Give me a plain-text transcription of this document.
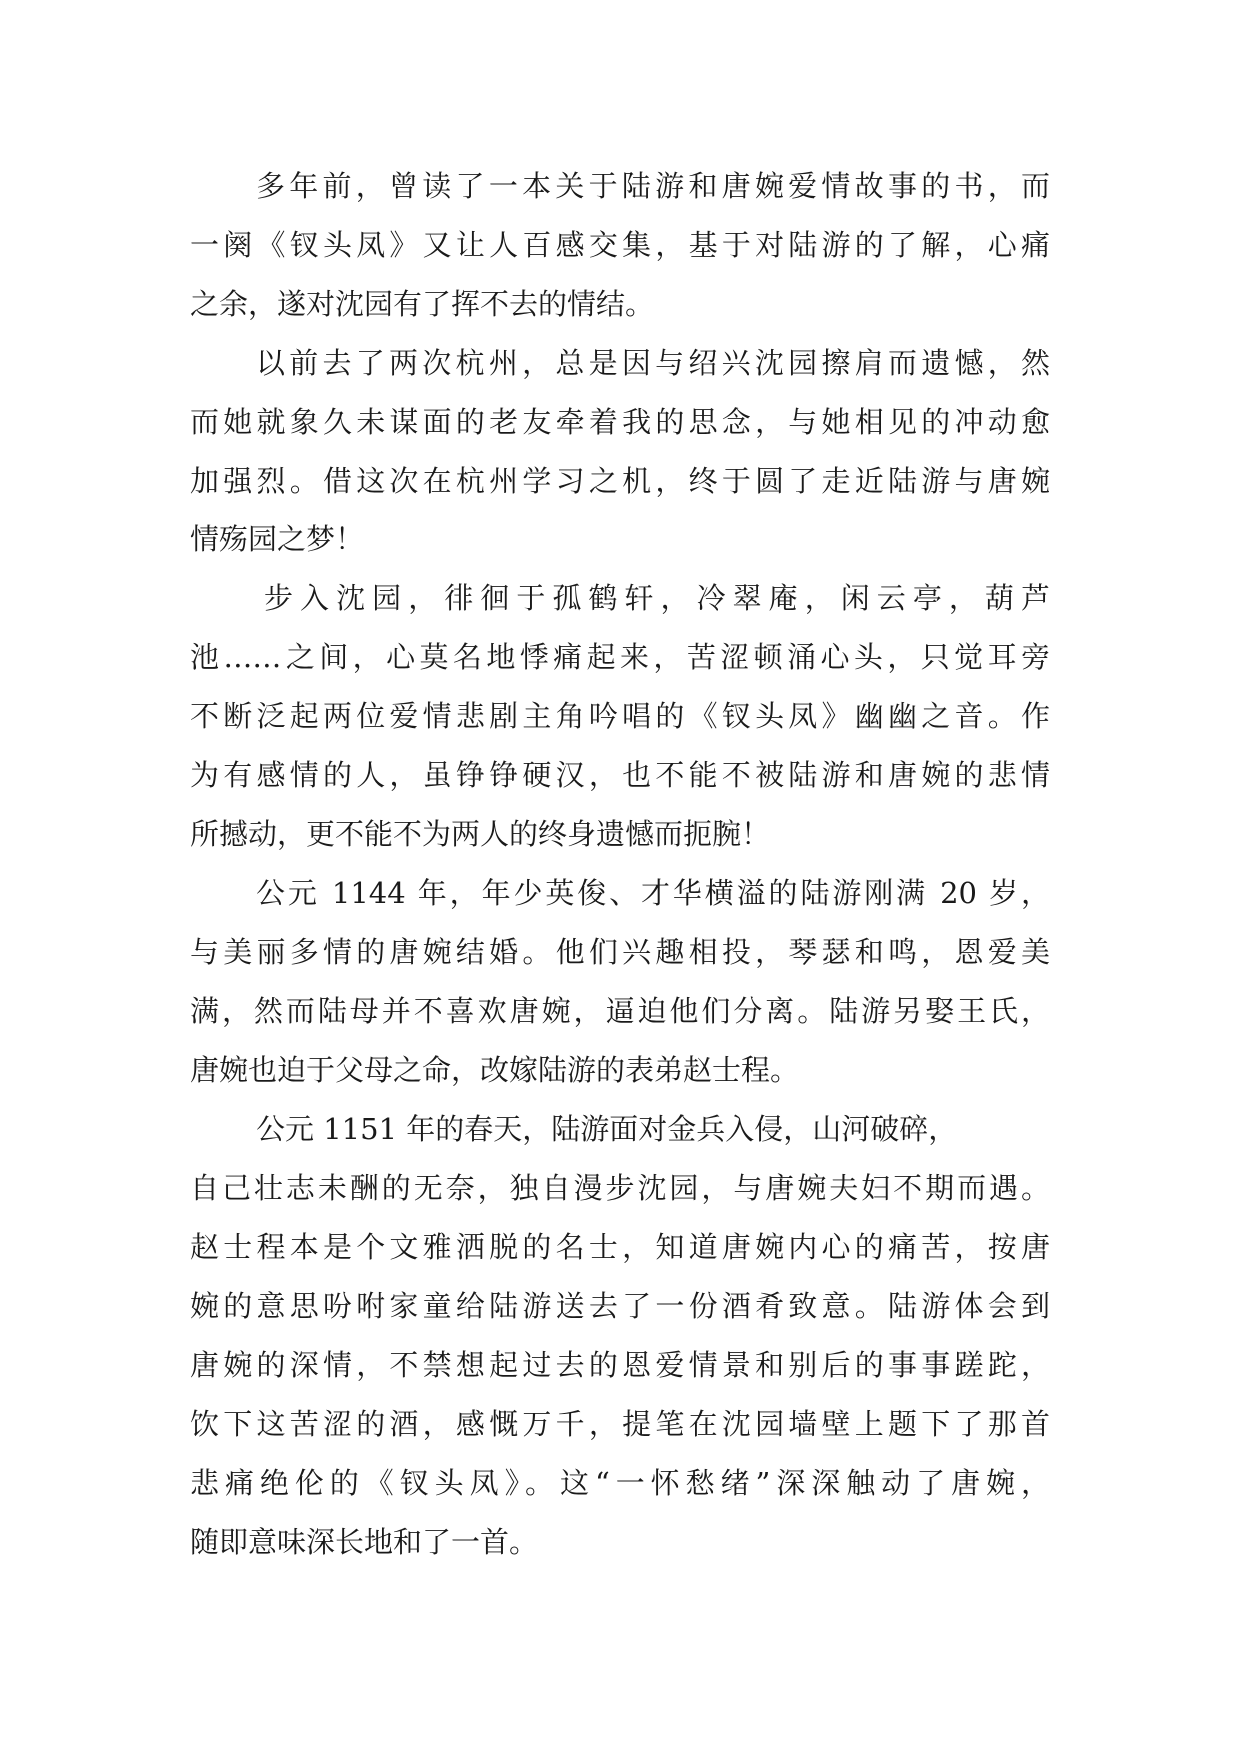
多年前，曾读了一本关于陆游和唐婉爱情故事的书，而

一阕《钗头凤》又让人百感交集，基于对陆游的了解，心痛

之余，遂对沈园有了挥不去的情结。

以前去了两次杭州，总是因与绍兴沈园擦肩而遗憾，然

而她就象久未谋面的老友牵着我的思念，与她相见的冲动愈

加强烈。借这次在杭州学习之机，终于圆了走近陆游与唐婉

情殇园之梦！

步入沈园，徘徊于孤鹤轩，冷翠庵，闲云亭，葫芦

池……之间，心莫名地悸痛起来，苦涩顿涌心头，只觉耳旁

不断泛起两位爱情悲剧主角吟唱的《钗头凤》幽幽之音。作

为有感情的人，虽铮铮硬汉，也不能不被陆游和唐婉的悲情

所撼动，更不能不为两人的终身遗憾而扼腕！

公元 1144 年，年少英俊、才华横溢的陆游刚满 20 岁，

与美丽多情的唐婉结婚。他们兴趣相投，琴瑟和鸣，恩爱美

满，然而陆母并不喜欢唐婉，逼迫他们分离。陆游另娶王氏，

唐婉也迫于父母之命，改嫁陆游的表弟赵士程。

公元 1151 年的春天，陆游面对金兵入侵，山河破碎，

自己壮志未酬的无奈，独自漫步沈园，与唐婉夫妇不期而遇。

赵士程本是个文雅洒脱的名士，知道唐婉内心的痛苦，按唐

婉的意思吩咐家童给陆游送去了一份酒肴致意。陆游体会到

唐婉的深情，不禁想起过去的恩爱情景和别后的事事蹉跎，

饮下这苦涩的酒，感慨万千，提笔在沈园墙壁上题下了那首

悲痛绝伦的《钗头凤》。这“一怀愁绪”深深触动了唐婉，

随即意味深长地和了一首。
